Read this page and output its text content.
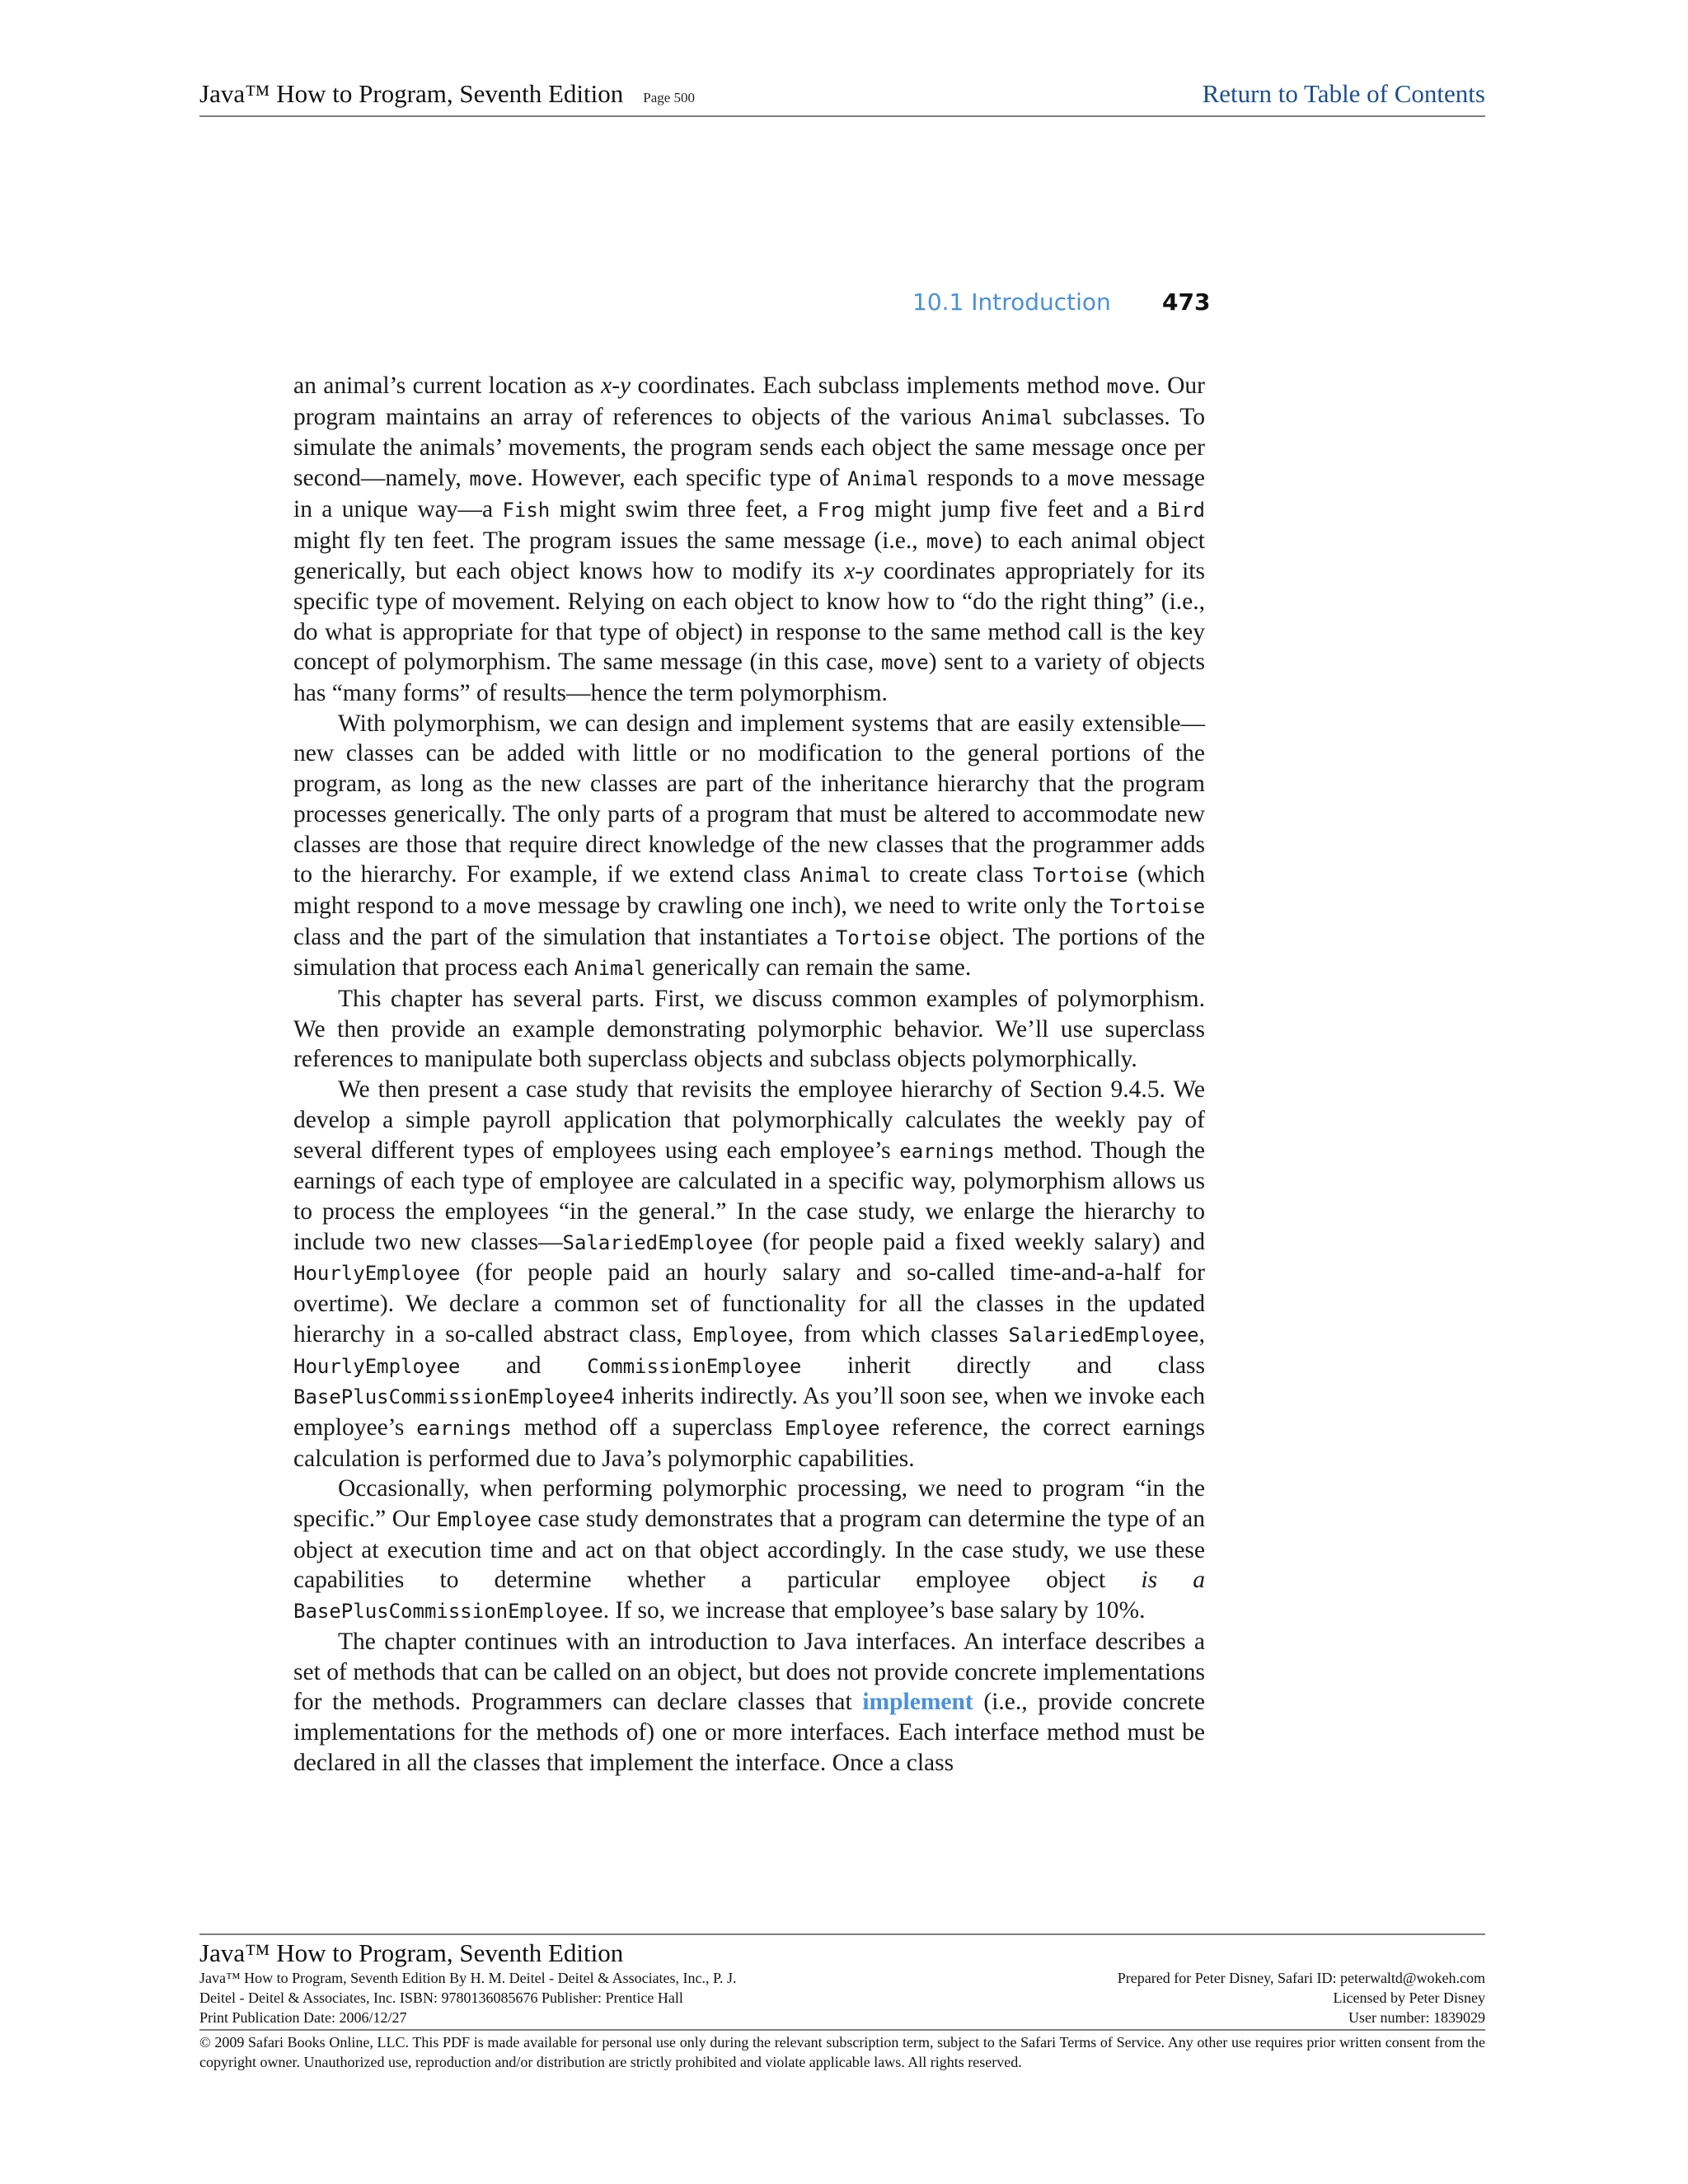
Java™ How to Program, Seventh Edition Page 500	Return to Table of Contents
10.1 Introduction 473

an animal’s current location as x-y coordinates. Each subclass implements method move. Our program maintains an array of references to objects of the various Animal subclasses. To simulate the animals’ movements, the program sends each object the same message once per second—namely, move. However, each specific type of Animal responds to a move message in a unique way—a Fish might swim three feet, a Frog might jump five feet and a Bird might fly ten feet. The program issues the same message (i.e., move) to each animal object generically, but each object knows how to modify its x-y coordinates appropriately for its specific type of movement. Relying on each object to know how to “do the right thing” (i.e., do what is appropriate for that type of object) in response to the same method call is the key concept of polymorphism. The same message (in this case, move) sent to a variety of objects has “many forms” of results—hence the term polymorphism.

With polymorphism, we can design and implement systems that are easily extensible—new classes can be added with little or no modification to the general portions of the program, as long as the new classes are part of the inheritance hierarchy that the program processes generically. The only parts of a program that must be altered to accommodate new classes are those that require direct knowledge of the new classes that the programmer adds to the hierarchy. For example, if we extend class Animal to create class Tortoise (which might respond to a move message by crawling one inch), we need to write only the Tortoise class and the part of the simulation that instantiates a Tortoise object. The portions of the simulation that process each Animal generically can remain the same.

This chapter has several parts. First, we discuss common examples of polymorphism. We then provide an example demonstrating polymorphic behavior. We’ll use superclass references to manipulate both superclass objects and subclass objects polymorphically.

We then present a case study that revisits the employee hierarchy of Section 9.4.5. We develop a simple payroll application that polymorphically calculates the weekly pay of several different types of employees using each employee’s earnings method. Though the earnings of each type of employee are calculated in a specific way, polymorphism allows us to process the employees “in the general.” In the case study, we enlarge the hierarchy to include two new classes—SalariedEmployee (for people paid a fixed weekly salary) and HourlyEmployee (for people paid an hourly salary and so-called time-and-a-half for overtime). We declare a common set of functionality for all the classes in the updated hierarchy in a so-called abstract class, Employee, from which classes SalariedEmployee, HourlyEmployee and CommissionEmployee inherit directly and class BasePlusCommissionEmployee4 inherits indirectly. As you’ll soon see, when we invoke each employee’s earnings method off a superclass Employee reference, the correct earnings calculation is performed due to Java’s polymorphic capabilities.

Occasionally, when performing polymorphic processing, we need to program “in the specific.” Our Employee case study demonstrates that a program can determine the type of an object at execution time and act on that object accordingly. In the case study, we use these capabilities to determine whether a particular employee object is a BasePlusCommissionEmployee. If so, we increase that employee’s base salary by 10%.

The chapter continues with an introduction to Java interfaces. An interface describes a set of methods that can be called on an object, but does not provide concrete implementations for the methods. Programmers can declare classes that implement (i.e., provide concrete implementations for the methods of) one or more interfaces. Each interface method must be declared in all the classes that implement the interface. Once a class

Java™ How to Program, Seventh Edition
Java™ How to Program, Seventh Edition By H. M. Deitel - Deitel & Associates, Inc., P. J.
Deitel - Deitel & Associates, Inc. ISBN: 9780136085676 Publisher: Prentice Hall
Print Publication Date: 2006/12/27
Prepared for Peter Disney, Safari ID: peterwaltd@wokeh.com
Licensed by Peter Disney
User number: 1839029
© 2009 Safari Books Online, LLC. This PDF is made available for personal use only during the relevant subscription term, subject to the Safari Terms of Service. Any other use requires prior written consent from the copyright owner. Unauthorized use, reproduction and/or distribution are strictly prohibited and violate applicable laws. All rights reserved.
